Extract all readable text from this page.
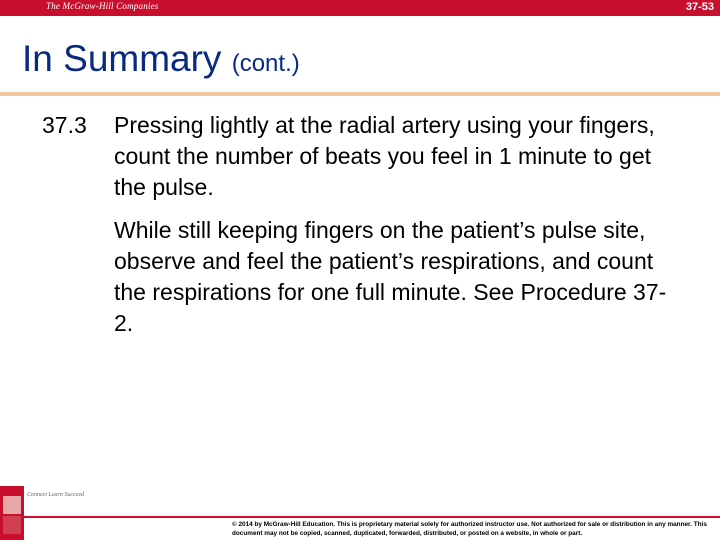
The McGraw-Hill Companies	37-53
In Summary (cont.)
37.3	Pressing lightly at the radial artery using your fingers, count the number of beats you feel in 1 minute to get the pulse.
While still keeping fingers on the patient’s pulse site, observe and feel the patient’s respirations, and count the respirations for one full minute. See Procedure 37-2.
Connect Learn Succeed
© 2014 by McGraw-Hill Education. This is proprietary material solely for authorized instructor use. Not authorized for sale or distribution in any manner. This document may not be copied, scanned, duplicated, forwarded, distributed, or posted on a website, in whole or part.
